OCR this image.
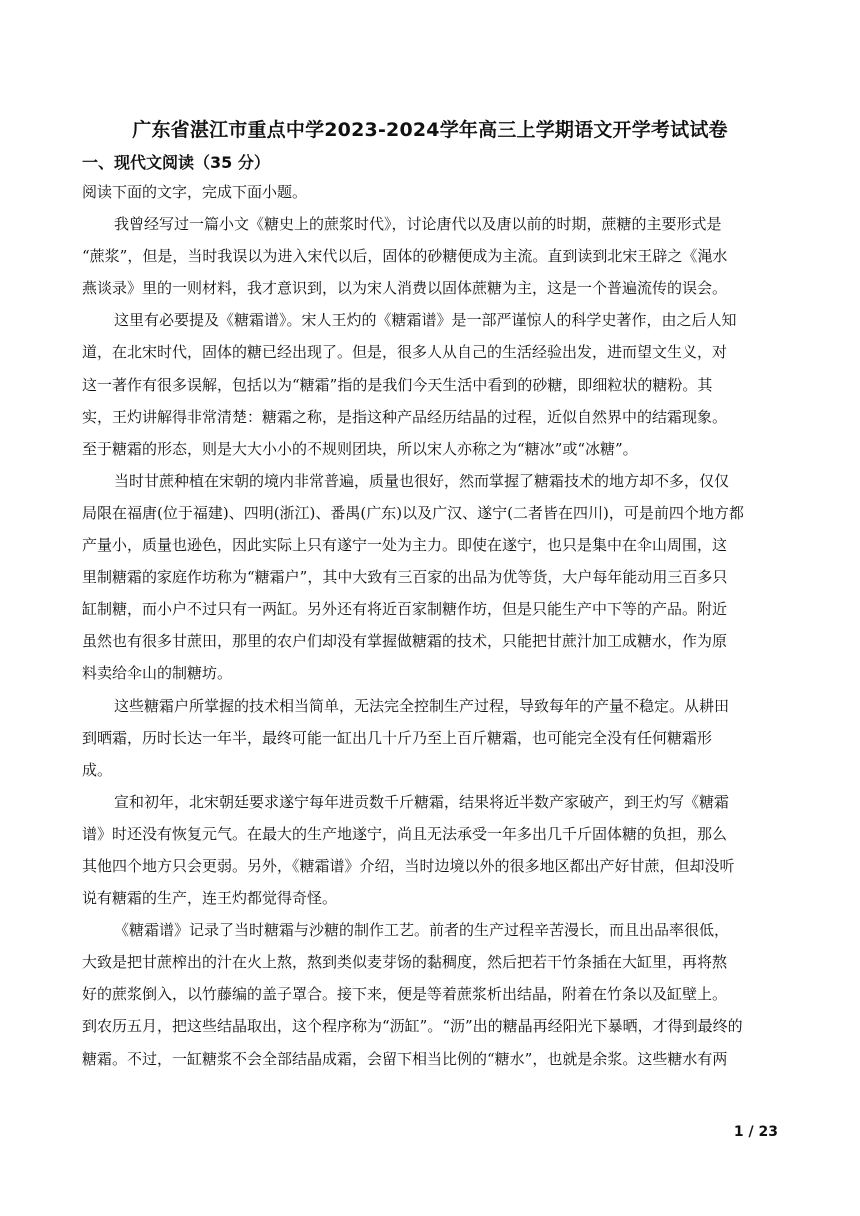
广东省湛江市重点中学2023-2024学年高三上学期语文开学考试试卷
一、现代文阅读（35 分）
阅读下面的文字，完成下面小题。
我曾经写过一篇小文《糖史上的蔗浆时代》，讨论唐代以及唐以前的时期，蔗糖的主要形式是
“蔗浆”，但是，当时我误以为进入宋代以后，固体的砂糖便成为主流。直到读到北宋王辟之《渑水
燕谈录》里的一则材料，我才意识到，以为宋人消费以固体蔗糖为主，这是一个普遍流传的误会。
这里有必要提及《糖霜谱》。宋人王灼的《糖霜谱》是一部严谨惊人的科学史著作，由之后人知
道，在北宋时代，固体的糖已经出现了。但是，很多人从自己的生活经验出发，进而望文生义，对
这一著作有很多误解，包括以为“糖霜”指的是我们今天生活中看到的砂糖，即细粒状的糖粉。其
实，王灼讲解得非常清楚：糖霜之称，是指这种产品经历结晶的过程，近似自然界中的结霜现象。
至于糖霜的形态，则是大大小小的不规则团块，所以宋人亦称之为“糖冰”或“冰糖”。
当时甘蔗种植在宋朝的境内非常普遍，质量也很好，然而掌握了糖霜技术的地方却不多，仅仅
局限在福唐(位于福建)、四明(浙江)、番禺(广东)以及广汉、遂宁(二者皆在四川)，可是前四个地方都
产量小，质量也逊色，因此实际上只有遂宁一处为主力。即使在遂宁，也只是集中在伞山周围，这
里制糖霜的家庭作坊称为“糖霜户”，其中大致有三百家的出品为优等货，大户每年能动用三百多只
缸制糖，而小户不过只有一两缸。另外还有将近百家制糖作坊，但是只能生产中下等的产品。附近
虽然也有很多甘蔗田，那里的农户们却没有掌握做糖霜的技术，只能把甘蔗汁加工成糖水，作为原
料卖给伞山的制糖坊。
这些糖霜户所掌握的技术相当简单，无法完全控制生产过程，导致每年的产量不稳定。从耕田
到晒霜，历时长达一年半，最终可能一缸出几十斤乃至上百斤糖霜，也可能完全没有任何糖霜形
成。
宣和初年，北宋朝廷要求遂宁每年进贡数千斤糖霜，结果将近半数产家破产，到王灼写《糖霜
谱》时还没有恢复元气。在最大的生产地遂宁，尚且无法承受一年多出几千斤固体糖的负担，那么
其他四个地方只会更弱。另外，《糖霜谱》介绍，当时边境以外的很多地区都出产好甘蔗，但却没听
说有糖霜的生产，连王灼都觉得奇怪。
《糖霜谱》记录了当时糖霜与沙糖的制作工艺。前者的生产过程辛苦漫长，而且出品率很低，
大致是把甘蔗榨出的汁在火上熬，熬到类似麦芽饧的黏稠度，然后把若干竹条插在大缸里，再将熬
好的蔗浆倒入，以竹藤编的盖子罩合。接下来，便是等着蔗浆析出结晶，附着在竹条以及缸壁上。
到农历五月，把这些结晶取出，这个程序称为“沥缸”。“沥”出的糖晶再经阳光下暴晒，才得到最终的
糖霜。不过，一缸糖浆不会全部结晶成霜，会留下相当比例的“糖水”，也就是余浆。这些糖水有两
1 / 23
